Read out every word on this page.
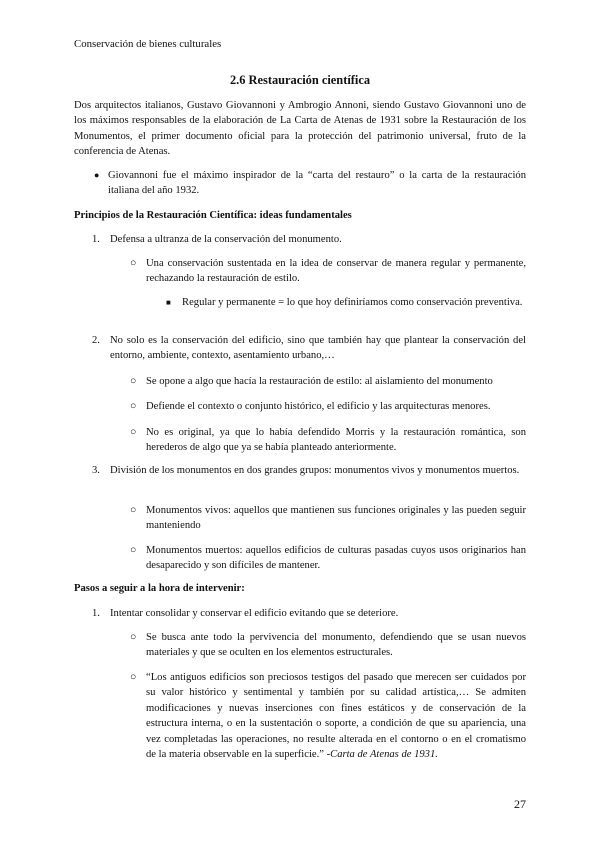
Conservación de bienes culturales
2.6 Restauración científica

Dos arquitectos italianos, Gustavo Giovannoni y Ambrogio Annoni, siendo Gustavo Giovannoni uno de los máximos responsables de la elaboración de La Carta de Atenas de 1931 sobre la Restauración de los Monumentos, el primer documento oficial para la protección del patrimonio universal, fruto de la conferencia de Atenas.

● Giovannoni fue el máximo inspirador de la “carta del restauro” o la carta de la restauración italiana del año 1932.

Principios de la Restauración Científica: ideas fundamentales
1. Defensa a ultranza de la conservación del monumento.

○ Una conservación sustentada en la idea de conservar de manera regular y permanente, rechazando la restauración de estilo.

■ Regular y permanente = lo que hoy definiríamos como conservación preventiva.

2. No solo es la conservación del edificio, sino que también hay que plantear la conservación del entorno, ambiente, contexto, asentamiento urbano,…

○ Se opone a algo que hacía la restauración de estilo: al aislamiento del monumento

○ Defiende el contexto o conjunto histórico, el edificio y las arquitecturas menores.

○ No es original, ya que lo había defendido Morris y la restauración romántica, son herederos de algo que ya se había planteado anteriormente.

3. División de los monumentos en dos grandes grupos: monumentos vivos y monumentos muertos.

○ Monumentos vivos: aquellos que mantienen sus funciones originales y las pueden seguir manteniendo

○ Monumentos muertos: aquellos edificios de culturas pasadas cuyos usos originarios han desaparecido y son difíciles de mantener.

Pasos a seguir a la hora de intervenir:
1. Intentar consolidar y conservar el edificio evitando que se deteriore.

○ Se busca ante todo la pervivencia del monumento, defendiendo que se usan nuevos materiales y que se oculten en los elementos estructurales.

○ “Los antiguos edificios son preciosos testigos del pasado que merecen ser cuidados por su valor histórico y sentimental y también por su calidad artística,… Se admiten modificaciones y nuevas inserciones con fines estáticos y de conservación de la estructura interna, o en la sustentación o soporte, a condición de que su apariencia, una vez completadas las operaciones, no resulte alterada en el contorno o en el cromatismo de la materia observable en la superficie.” -Carta de Atenas de 1931.

27
